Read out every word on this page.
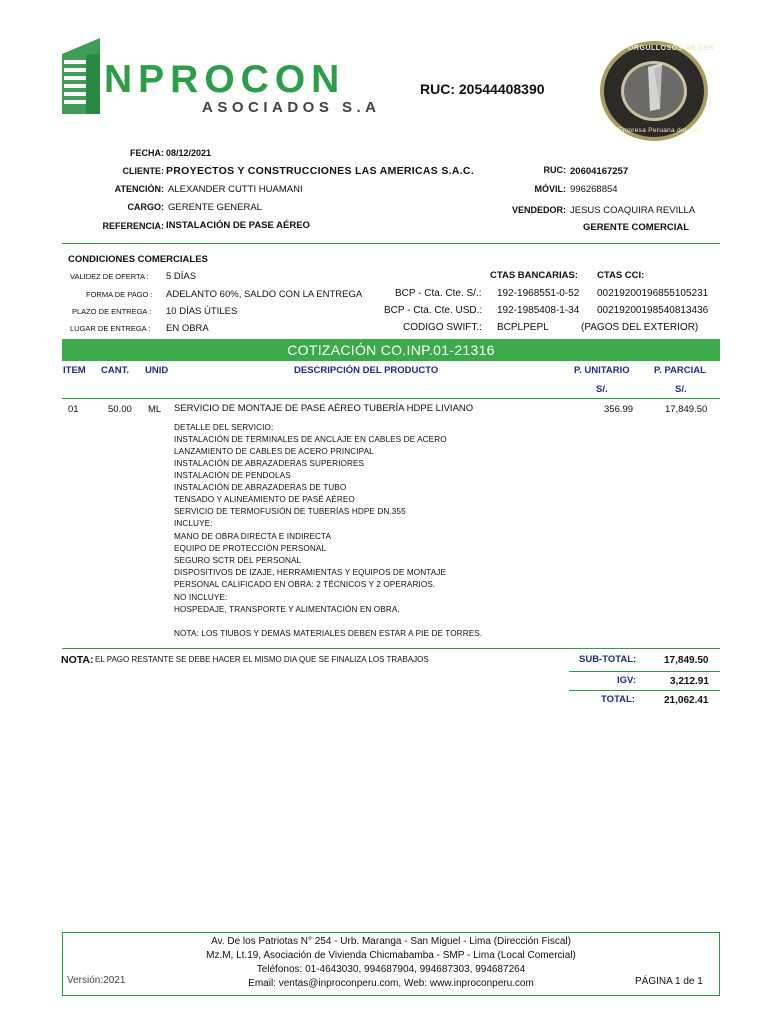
NPROCON
ASOCIADOS S.A
RUC: 20544408390
ORGULLOSOS DE SER
Empresa Peruana del Año
FECHA: 08/12/2021
CLIENTE: PROYECTOS Y CONSTRUCCIONES LAS AMERICAS S.A.C.
ATENCIÓN: ALEXANDER CUTTI HUAMANI
CARGO: GERENTE GENERAL
REFERENCIA: INSTALACIÓN DE PASE AÉREO
RUC: 20604167257
MÓVIL: 996268854
VENDEDOR: JESUS COAQUIRA REVILLA
GERENTE COMERCIAL
CONDICIONES COMERCIALES
VALIDEZ DE OFERTA : 5 DÍAS
FORMA DE PAGO : ADELANTO 60%, SALDO CON LA ENTREGA
PLAZO DE ENTREGA : 10 DÍAS ÚTILES
LUGAR DE ENTREGA : EN OBRA
CTAS BANCARIAS: CTAS CCI:
BCP - Cta. Cte. S/.: 192-1968551-0-52 00219200196855105231
BCP - Cta. Cte. USD.: 192-1985408-1-34 00219200198540813436
CODIGO SWIFT.: BCPLPEPL	(PAGOS DEL EXTERIOR)
COTIZACIÓN CO.INP.01-21316
ITEM CANT. UNID	DESCRIPCIÓN DEL PRODUCTO	P. UNITARIO	P. PARCIAL
S/.	S/.
01	50.00 ML SERVICIO DE MONTAJE DE PASE AÉREO TUBERÍA HDPE LIVIANO	356.99	17,849.50
DETALLE DEL SERVICIO:
INSTALACIÓN DE TERMINALES DE ANCLAJE EN CABLES DE ACERO
LANZAMIENTO DE CABLES DE ACERO PRINCIPAL
INSTALACIÓN DE ABRAZADERAS SUPERIORES
INSTALACIÓN DE PENDOLAS
INSTALACIÓN DE ABRAZADERAS DE TUBO
TENSADO Y ALINEAMIENTO DE PASÉ AÉREO
SERVICIO DE TERMOFUSIÓN DE TUBERÍAS HDPE DN.355
INCLUYE:
MANO DE OBRA DIRECTA E INDIRECTA
EQUIPO DE PROTECCIÓN PERSONAL
SEGURO SCTR DEL PERSONAL
DISPOSITIVOS DE IZAJE, HERRAMIENTAS Y EQUIPOS DE MONTAJE
PERSONAL CALIFICADO EN OBRA: 2 TÉCNICOS Y 2 OPERARIOS.
NO INCLUYE:
HOSPEDAJE, TRANSPORTE Y ALIMENTACIÓN EN OBRA.
NOTA: LOS TIUBOS Y DEMAS MATERIALES DEBEN ESTAR A PIE DE TORRES.
NOTA: EL PAGO RESTANTE SE DEBE HACER EL MISMO DIA QUE SE FINALIZA LOS TRABAJOS	SUB-TOTAL:	17,849.50
IGV:	3,212.91
TOTAL:	21,062.41
Av. De los Patriotas N° 254 - Urb. Maranga - San Miguel - Lima (Dirección Fiscal)
Mz.M, Lt.19, Asociación de Vivienda Chicmabamba - SMP - Lima (Local Comercial)
Teléfonos: 01-4643030, 994687904, 994687303, 994687264
Email: ventas@inproconperu.com, Web: www.inproconperu.com
Versión:2021	PÁGINA 1 de 1
